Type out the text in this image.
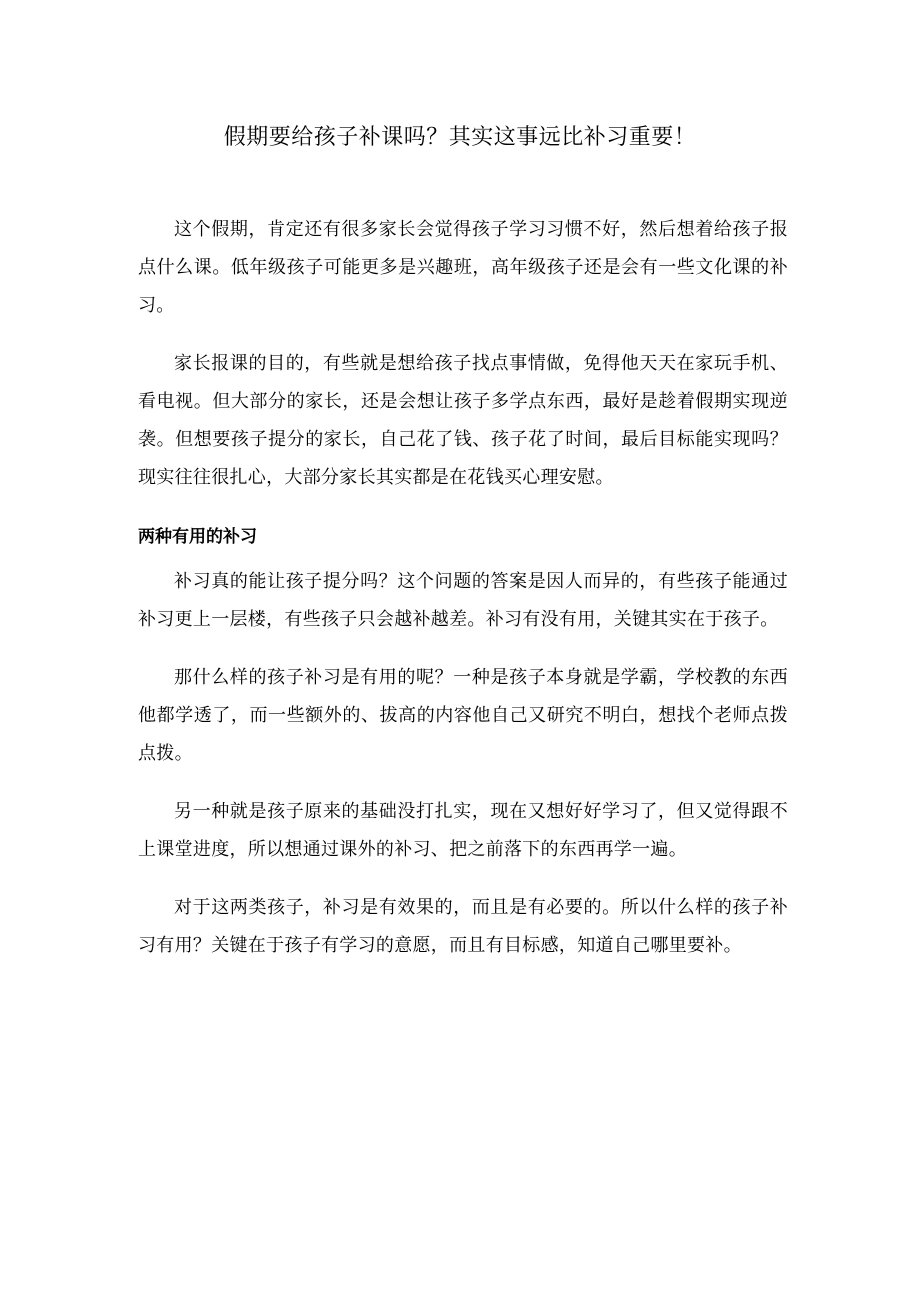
假期要给孩子补课吗？其实这事远比补习重要！

这个假期，肯定还有很多家长会觉得孩子学习习惯不好，然后想着给孩子报点什么课。低年级孩子可能更多是兴趣班，高年级孩子还是会有一些文化课的补习。

家长报课的目的，有些就是想给孩子找点事情做，免得他天天在家玩手机、看电视。但大部分的家长，还是会想让孩子多学点东西，最好是趁着假期实现逆袭。但想要孩子提分的家长，自己花了钱、孩子花了时间，最后目标能实现吗？现实往往很扎心，大部分家长其实都是在花钱买心理安慰。

两种有用的补习

补习真的能让孩子提分吗？这个问题的答案是因人而异的，有些孩子能通过补习更上一层楼，有些孩子只会越补越差。补习有没有用，关键其实在于孩子。

那什么样的孩子补习是有用的呢？一种是孩子本身就是学霸，学校教的东西他都学透了，而一些额外的、拔高的内容他自己又研究不明白，想找个老师点拨点拨。

另一种就是孩子原来的基础没打扎实，现在又想好好学习了，但又觉得跟不上课堂进度，所以想通过课外的补习、把之前落下的东西再学一遍。

对于这两类孩子，补习是有效果的，而且是有必要的。所以什么样的孩子补习有用？关键在于孩子有学习的意愿，而且有目标感，知道自己哪里要补。
